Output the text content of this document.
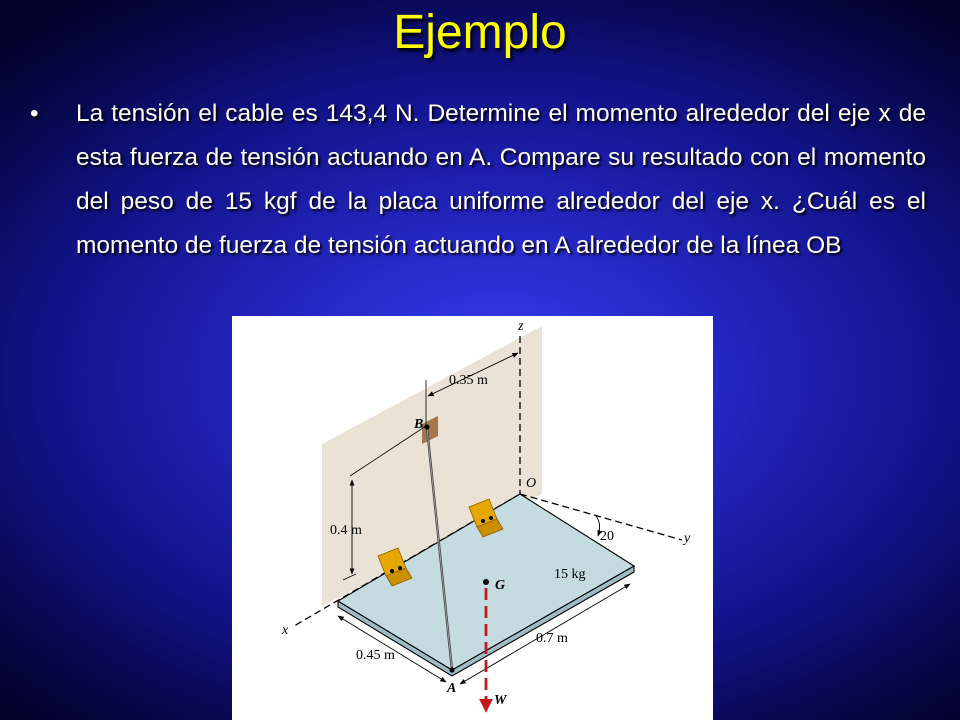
Ejemplo
• La tensión el cable es 143,4 N. Determine el momento alrededor del eje x de esta fuerza de tensión actuando en A. Compare su resultado con el momento del peso de 15 kgf de la placa uniforme alrededor del eje x. ¿Cuál es el momento de fuerza de tensión actuando en A alrededor de la línea OB
z
O
y
x
B
A
G
W
0.35 m
0.4 m	20
15 kg
0.7 m
0.45 m
